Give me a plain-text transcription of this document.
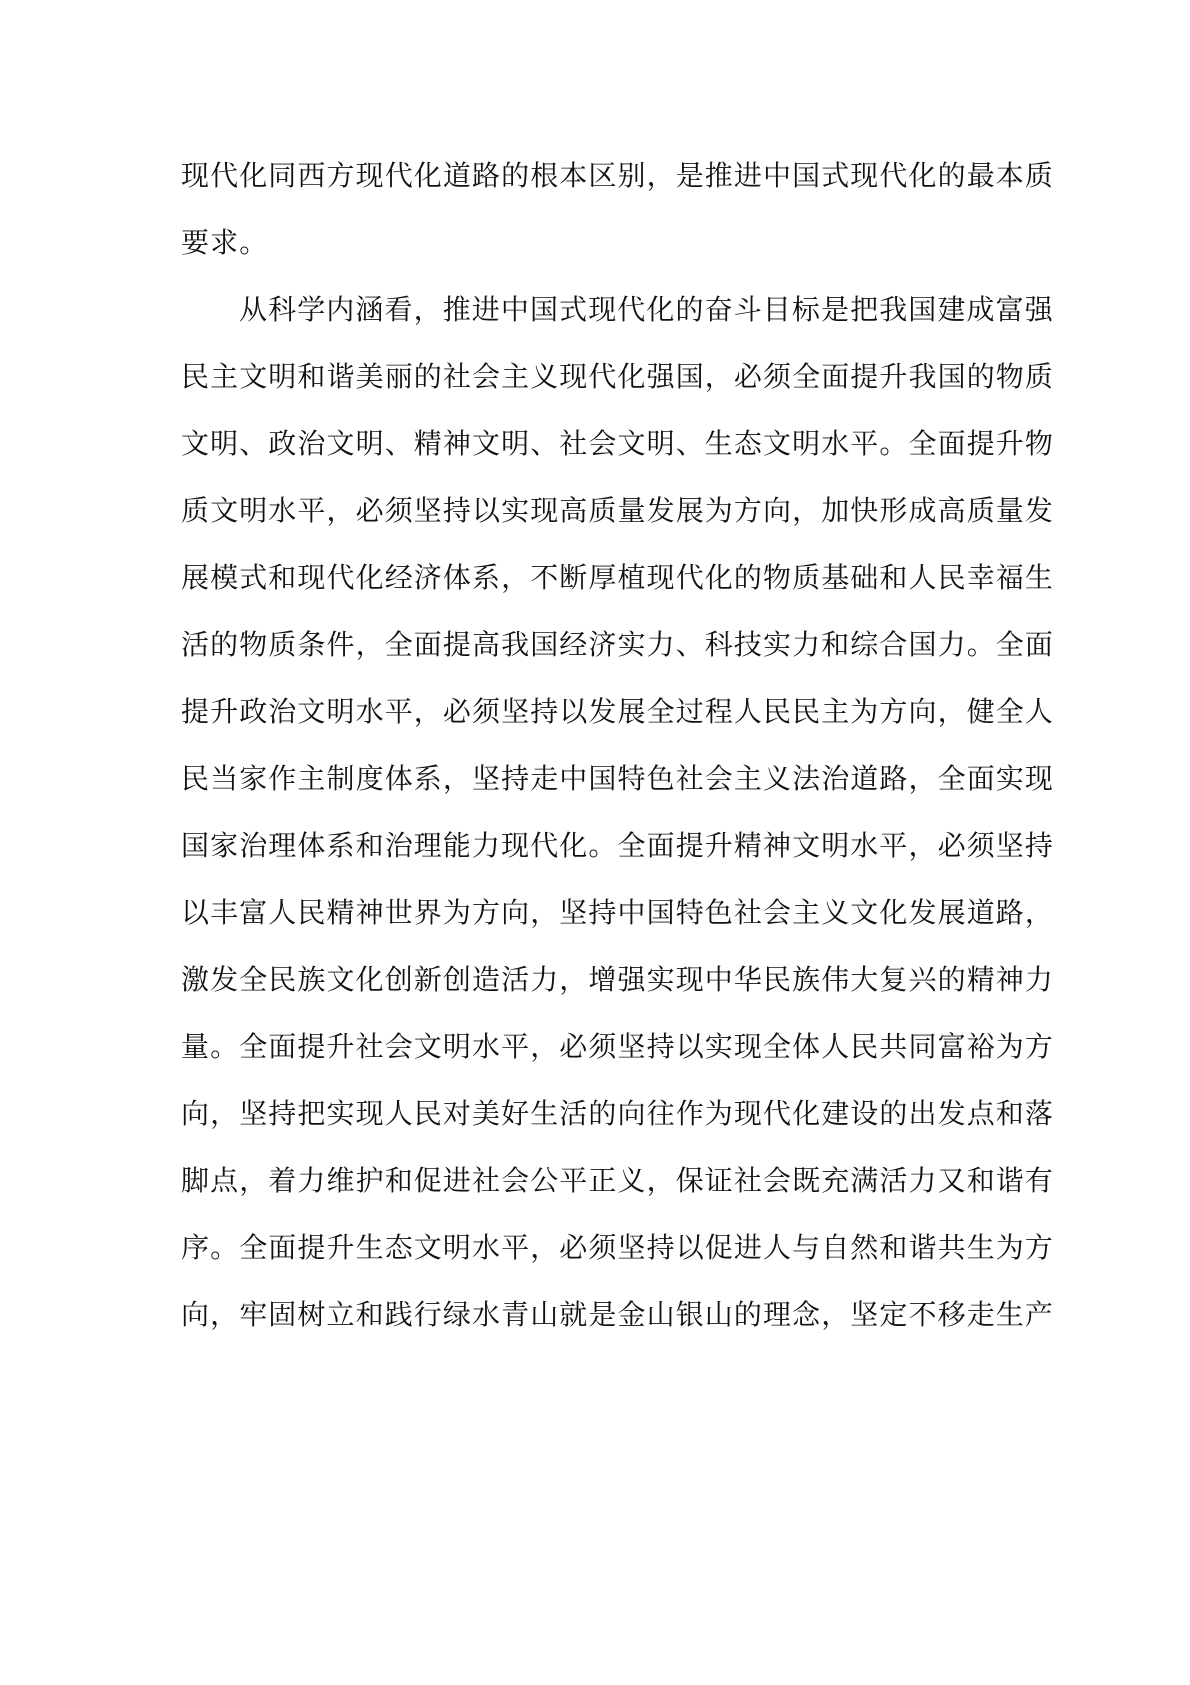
现代化同西方现代化道路的根本区别，是推进中国式现代化的最本质
要求。
从科学内涵看，推进中国式现代化的奋斗目标是把我国建成富强
民主文明和谐美丽的社会主义现代化强国，必须全面提升我国的物质
文明、政治文明、精神文明、社会文明、生态文明水平。全面提升物
质文明水平，必须坚持以实现高质量发展为方向，加快形成高质量发
展模式和现代化经济体系，不断厚植现代化的物质基础和人民幸福生
活的物质条件，全面提高我国经济实力、科技实力和综合国力。全面
提升政治文明水平，必须坚持以发展全过程人民民主为方向，健全人
民当家作主制度体系，坚持走中国特色社会主义法治道路，全面实现
国家治理体系和治理能力现代化。全面提升精神文明水平，必须坚持
以丰富人民精神世界为方向，坚持中国特色社会主义文化发展道路，
激发全民族文化创新创造活力，增强实现中华民族伟大复兴的精神力
量。全面提升社会文明水平，必须坚持以实现全体人民共同富裕为方
向，坚持把实现人民对美好生活的向往作为现代化建设的出发点和落
脚点，着力维护和促进社会公平正义，保证社会既充满活力又和谐有
序。全面提升生态文明水平，必须坚持以促进人与自然和谐共生为方
向，牢固树立和践行绿水青山就是金山银山的理念，坚定不移走生产
